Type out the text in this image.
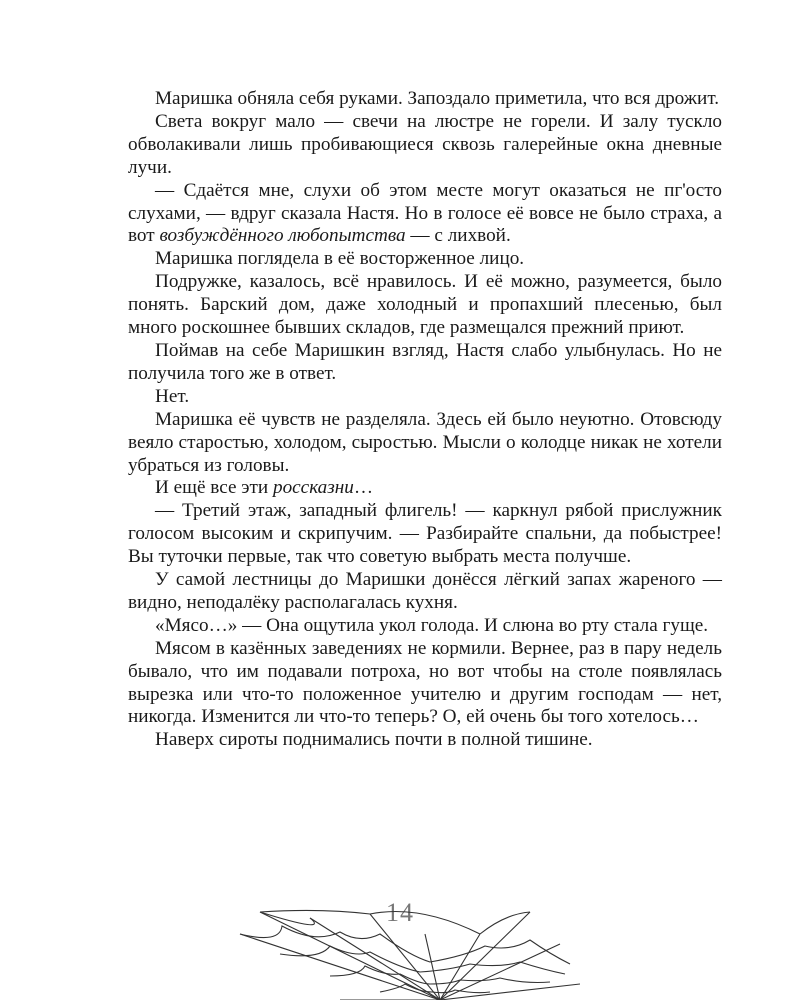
Маришка обняла себя руками. Запоздало приметила, что вся дрожит.

Света вокруг мало — свечи на люстре не горели. И залу тускло обволакивали лишь пробивающиеся сквозь галерейные окна дневные лучи.

— Сдаётся мне, слухи об этом месте могут оказаться не пг'осто слухами, — вдруг сказала Настя. Но в голосе её вовсе не было страха, а вот возбуждённого любопытства — с лихвой.

Маришка поглядела в её восторженное лицо.

Подружке, казалось, всё нравилось. И её можно, разумеется, было понять. Барский дом, даже холодный и пропахший плесенью, был много роскошнее бывших складов, где размещался прежний приют.

Поймав на себе Маришкин взгляд, Настя слабо улыбнулась. Но не получила того же в ответ.

Нет.

Маришка её чувств не разделяла. Здесь ей было неуютно. Отовсюду веяло старостью, холодом, сыростью. Мысли о колодце никак не хотели убраться из головы.

И ещё все эти россказни…

— Третий этаж, западный флигель! — каркнул рябой прислужник голосом высоким и скрипучим. — Разбирайте спальни, да побыстрее! Вы туточки первые, так что советую выбрать места получше.

У самой лестницы до Маришки донёсся лёгкий запах жареного — видно, неподалёку располагалась кухня.

«Мясо…» — Она ощутила укол голода. И слюна во рту стала гуще.

Мясом в казённых заведениях не кормили. Вернее, раз в пару недель бывало, что им подавали потроха, но вот чтобы на столе появлялась вырезка или что-то положенное учителю и другим господам — нет, никогда. Изменится ли что-то теперь? О, ей очень бы того хотелось…

Наверх сироты поднимались почти в полной тишине.

14
